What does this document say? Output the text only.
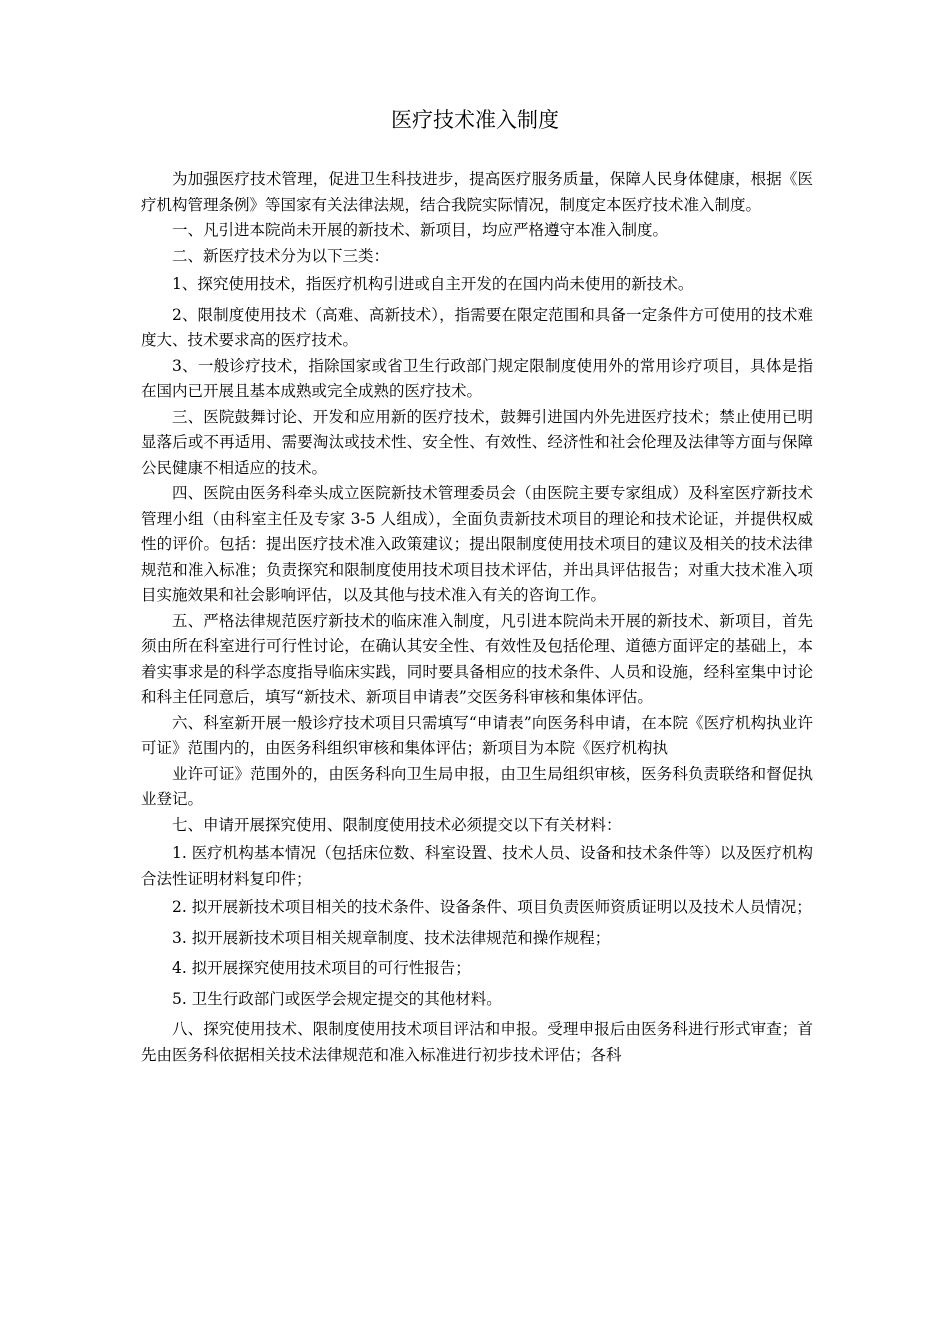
医疗技术准入制度

为加强医疗技术管理，促进卫生科技进步，提高医疗服务质量，保障人民身体健康，根据《医疗机构管理条例》等国家有关法律法规，结合我院实际情况，制度定本医疗技术准入制度。

一、凡引进本院尚未开展的新技术、新项目，均应严格遵守本准入制度。

二、新医疗技术分为以下三类：

1、探究使用技术，指医疗机构引进或自主开发的在国内尚未使用的新技术。

2、限制度使用技术（高难、高新技术），指需要在限定范围和具备一定条件方可使用的技术难度大、技术要求高的医疗技术。

3、一般诊疗技术，指除国家或省卫生行政部门规定限制度使用外的常用诊疗项目，具体是指在国内已开展且基本成熟或完全成熟的医疗技术。

三、医院鼓舞讨论、开发和应用新的医疗技术，鼓舞引进国内外先进医疗技术；禁止使用已明显落后或不再适用、需要淘汰或技术性、安全性、有效性、经济性和社会伦理及法律等方面与保障公民健康不相适应的技术。

四、医院由医务科牵头成立医院新技术管理委员会（由医院主要专家组成）及科室医疗新技术管理小组（由科室主任及专家 3-5 人组成），全面负责新技术项目的理论和技术论证，并提供权威性的评价。包括：提出医疗技术准入政策建议；提出限制度使用技术项目的建议及相关的技术法律规范和准入标准；负责探究和限制度使用技术项目技术评估，并出具评估报告；对重大技术准入项目实施效果和社会影响评估，以及其他与技术准入有关的咨询工作。

五、严格法律规范医疗新技术的临床准入制度，凡引进本院尚未开展的新技术、新项目，首先须由所在科室进行可行性讨论，在确认其安全性、有效性及包括伦理、道德方面评定的基础上，本着实事求是的科学态度指导临床实践，同时要具备相应的技术条件、人员和设施，经科室集中讨论和科主任同意后，填写“新技术、新项目申请表”交医务科审核和集体评估。

六、科室新开展一般诊疗技术项目只需填写“申请表”向医务科申请，在本院《医疗机构执业许可证》范围内的，由医务科组织审核和集体评估；新项目为本院《医疗机构执

业许可证》范围外的，由医务科向卫生局申报，由卫生局组织审核，医务科负责联络和督促执业登记。

七、申请开展探究使用、限制度使用技术必须提交以下有关材料：

1. 医疗机构基本情况（包括床位数、科室设置、技术人员、设备和技术条件等）以及医疗机构合法性证明材料复印件；

2. 拟开展新技术项目相关的技术条件、设备条件、项目负责医师资质证明以及技术人员情况；

3. 拟开展新技术项目相关规章制度、技术法律规范和操作规程；

4. 拟开展探究使用技术项目的可行性报告；

5. 卫生行政部门或医学会规定提交的其他材料。

八、探究使用技术、限制度使用技术项目评沽和申报。受理申报后由医务科进行形式审查；首先由医务科依据相关技术法律规范和准入标准进行初步技术评估；各科
